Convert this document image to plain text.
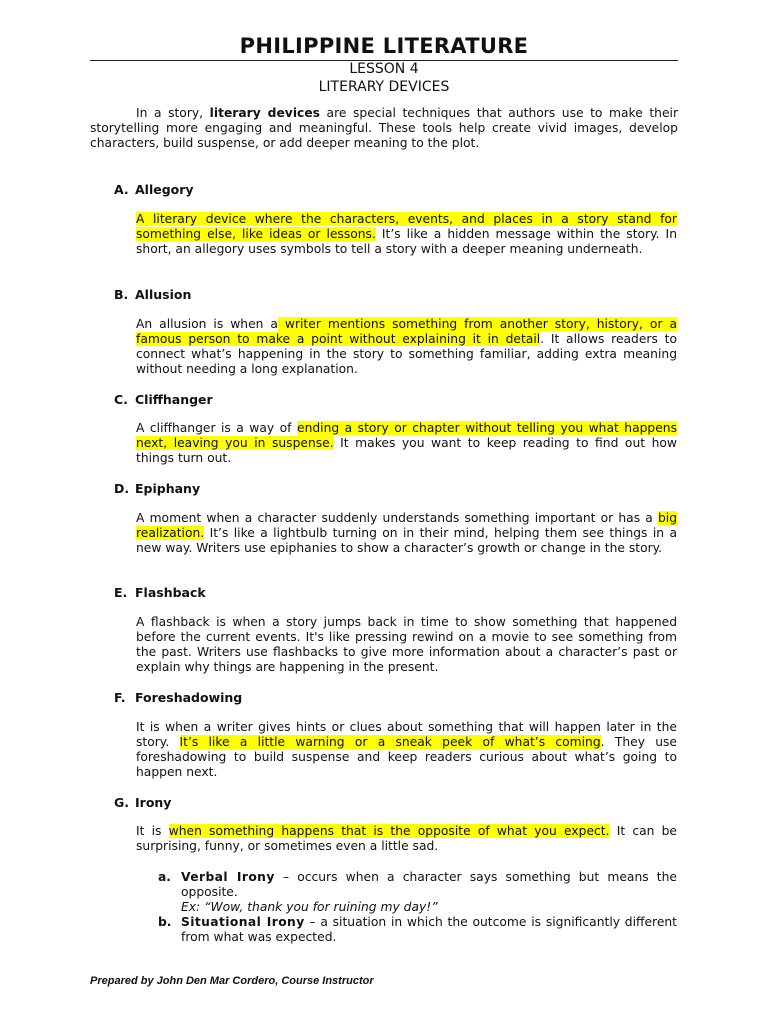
PHILIPPINE LITERATURE

LESSON 4

LITERARY DEVICES

In a story, literary devices are special techniques that authors use to make their storytelling more engaging and meaningful. These tools help create vivid images, develop characters, build suspense, or add deeper meaning to the plot.

A. Allegory

A literary device where the characters, events, and places in a story stand for something else, like ideas or lessons. It’s like a hidden message within the story. In short, an allegory uses symbols to tell a story with a deeper meaning underneath.

B. Allusion

An allusion is when a writer mentions something from another story, history, or a famous person to make a point without explaining it in detail. It allows readers to connect what’s happening in the story to something familiar, adding extra meaning without needing a long explanation.

C. Cliffhanger

A cliffhanger is a way of ending a story or chapter without telling you what happens next, leaving you in suspense. It makes you want to keep reading to find out how things turn out.

D. Epiphany

A moment when a character suddenly understands something important or has a big realization. It’s like a lightbulb turning on in their mind, helping them see things in a new way. Writers use epiphanies to show a character’s growth or change in the story.

E. Flashback

A flashback is when a story jumps back in time to show something that happened before the current events. It's like pressing rewind on a movie to see something from the past. Writers use flashbacks to give more information about a character’s past or explain why things are happening in the present.

F. Foreshadowing

It is when a writer gives hints or clues about something that will happen later in the story. It’s like a little warning or a sneak peek of what’s coming. They use foreshadowing to build suspense and keep readers curious about what’s going to happen next.

G. Irony

It is when something happens that is the opposite of what you expect. It can be surprising, funny, or sometimes even a little sad.

a. Verbal Irony – occurs when a character says something but means the opposite.
Ex: “Wow, thank you for ruining my day!”
b. Situational Irony – a situation in which the outcome is significantly different from what was expected.

Prepared by John Den Mar Cordero, Course Instructor
